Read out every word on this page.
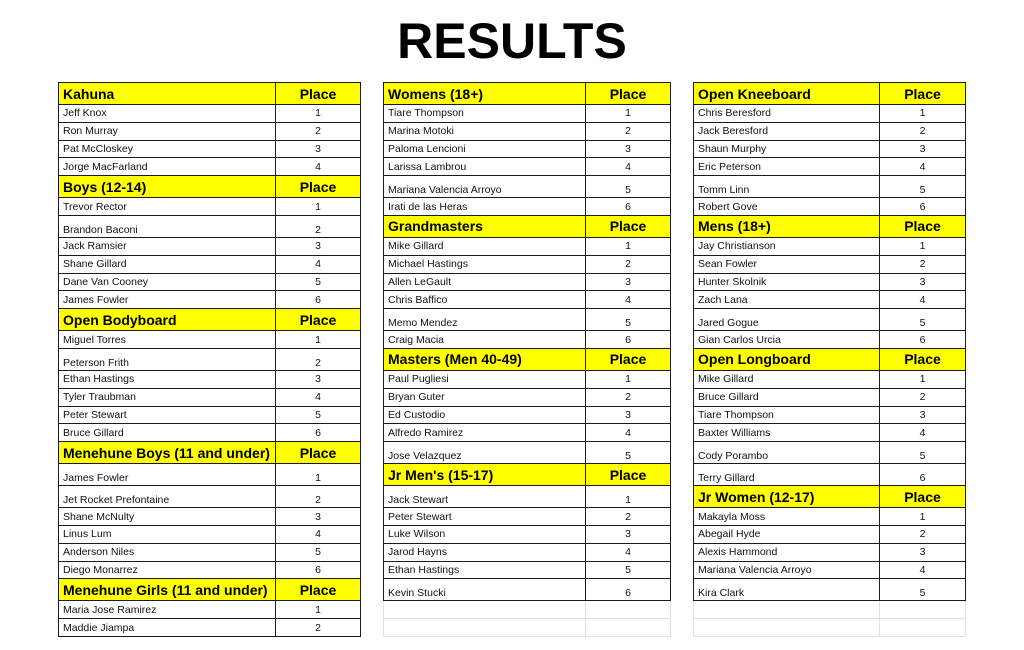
RESULTS
Kahuna	Place
Jeff Knox	1
Ron Murray	2
Pat McCloskey	3
Jorge MacFarland	4
Boys (12-14)	Place
Trevor Rector	1
Brandon Baconi	2
Jack Ramsier	3
Shane Gillard	4
Dane Van Cooney	5
James Fowler	6
Open Bodyboard	Place
Miguel Torres	1
Peterson Frith	2
Ethan Hastings	3
Tyler Traubman	4
Peter Stewart	5
Bruce Gillard	6
Menehune Boys (11 and under)	Place
James Fowler	1
Jet Rocket Prefontaine	2
Shane McNulty	3
Linus Lum	4
Anderson Niles	5
Diego Monarrez	6
Menehune Girls (11 and under)	Place
Maria Jose Ramirez	1
Maddie Jiampa	2
Womens (18+)	Place
Tiare Thompson	1
Marina Motoki	2
Paloma Lencioni	3
Larissa Lambrou	4
Mariana Valencia Arroyo	5
Irati de las Heras	6
Grandmasters	Place
Mike Gillard	1
Michael Hastings	2
Allen LeGault	3
Chris Baffico	4
Memo Mendez	5
Craig Macia	6
Masters (Men 40-49)	Place
Paul Pugliesi	1
Bryan Guter	2
Ed Custodio	3
Alfredo Ramirez	4
Jose Velazquez	5
Jr Men's (15-17)	Place
Jack Stewart	1
Peter Stewart	2
Luke Wilson	3
Jarod Hayns	4
Ethan Hastings	5
Kevin Stucki	6

Open Kneeboard	Place
Chris Beresford	1
Jack Beresford	2
Shaun Murphy	3
Eric Peterson	4
Tomm Linn	5
Robert Gove	6
Mens (18+)	Place
Jay Christianson	1
Sean Fowler	2
Hunter Skolnik	3
Zach Lana	4
Jared Gogue	5
Gian Carlos Urcia	6
Open Longboard	Place
Mike Gillard	1
Bruce Gillard	2
Tiare Thompson	3
Baxter Williams	4
Cody Porambo	5
Terry Gillard	6
Jr Women (12-17)	Place
Makayla Moss	1
Abegail Hyde	2
Alexis Hammond	3
Mariana Valencia Arroyo	4
Kira Clark	5
